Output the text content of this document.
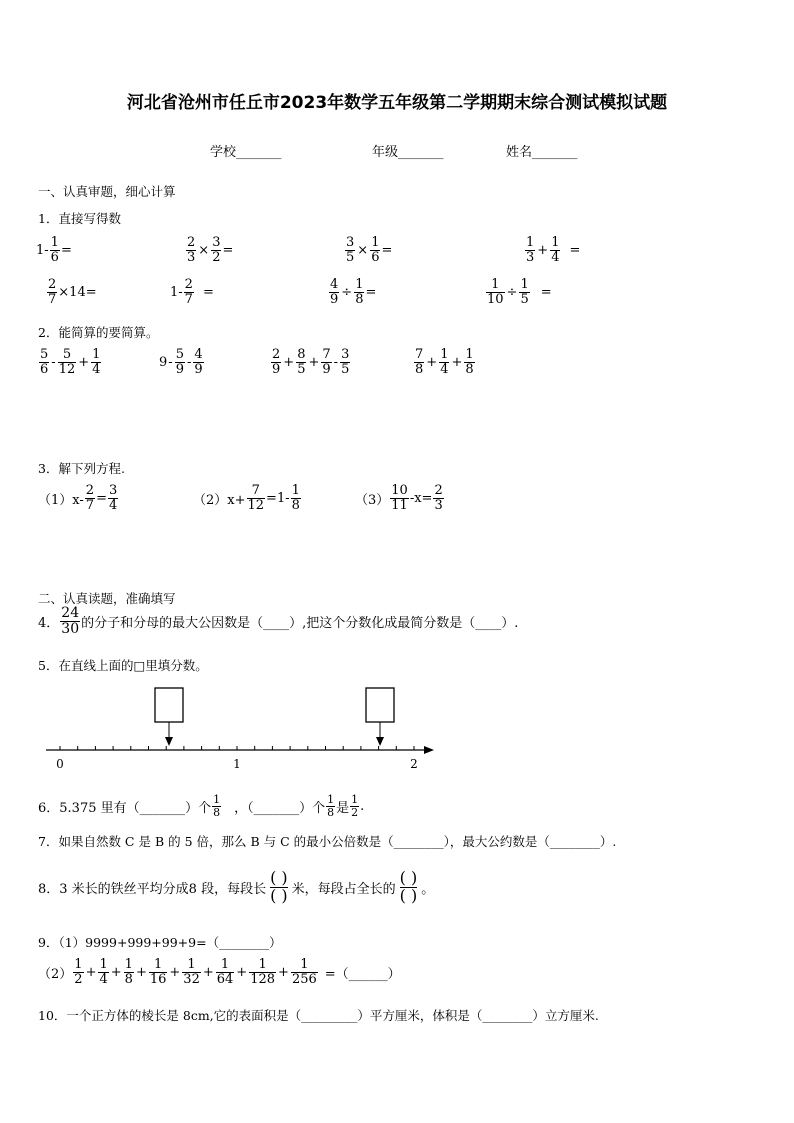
河北省沧州市任丘市2023年数学五年级第二学期期末综合测试模拟试题
学校_______	年级_______	姓名_______
一、认真审题，细心计算
1．直接写得数
$1- \frac{1}{6}$ =	$\frac{2}{3} \times \frac{3}{2}$ =	$\frac{3}{5} \times \frac{1}{6}$ =	$\frac{1}{3} + \frac{1}{4}$ =
$\frac{2}{7} \times 14$ =	$1- \frac{2}{7}$ =	$\frac{4}{9} \div \frac{1}{8}$ =	$\frac{1}{10} \div \frac{1}{5}$ =
2．能简算的要简算。
$\frac{5}{6} - \frac{5}{12} + \frac{1}{4}$	$9 - \frac{5}{9} - \frac{4}{9}$	$\frac{2}{9} + \frac{8}{5} + \frac{7}{9} - \frac{3}{5}$	$\frac{7}{8} + \frac{1}{4} + \frac{1}{8}$
3．解下列方程.
$(1)x- \frac{2}{7} = \frac{3}{4}$	$(2)x+ \frac{7}{12} =1- \frac{1}{8}$	$(3) \frac{10}{11} -x= \frac{2}{3}$
二、认真读题，准确填写
4． $\frac{24}{30}$ 的分子和分母的最大公因数是（____）,把这个分数化成最简分数是（____）.
5．在直线上面的□里填分数。
0	1	2
6．5.375 里有（_______）个 $\frac{1}{8}$ ，（_______）个 $\frac{1}{8}$ 是 $\frac{1}{2}$ .
7．如果自然数 C 是 B 的 5 倍，那么 B 与 C 的最小公倍数是（________），最大公约数是（________）.
8．3 米长的铁丝平均分成8 段，每段长
( )
( ) 米，每段占全长的
( )
( ) 。
9．（1）9999+999+99+9=（________）
$(2) \frac{1}{2} + \frac{1}{4} + \frac{1}{8} + \frac{1}{16} + \frac{1}{32} + \frac{1}{64} + \frac{1}{128} + \frac{1}{256}$ =（______）
10．一个正方体的棱长是 8cm,它的表面积是（_________）平方厘米，体积是（________）立方厘米.
